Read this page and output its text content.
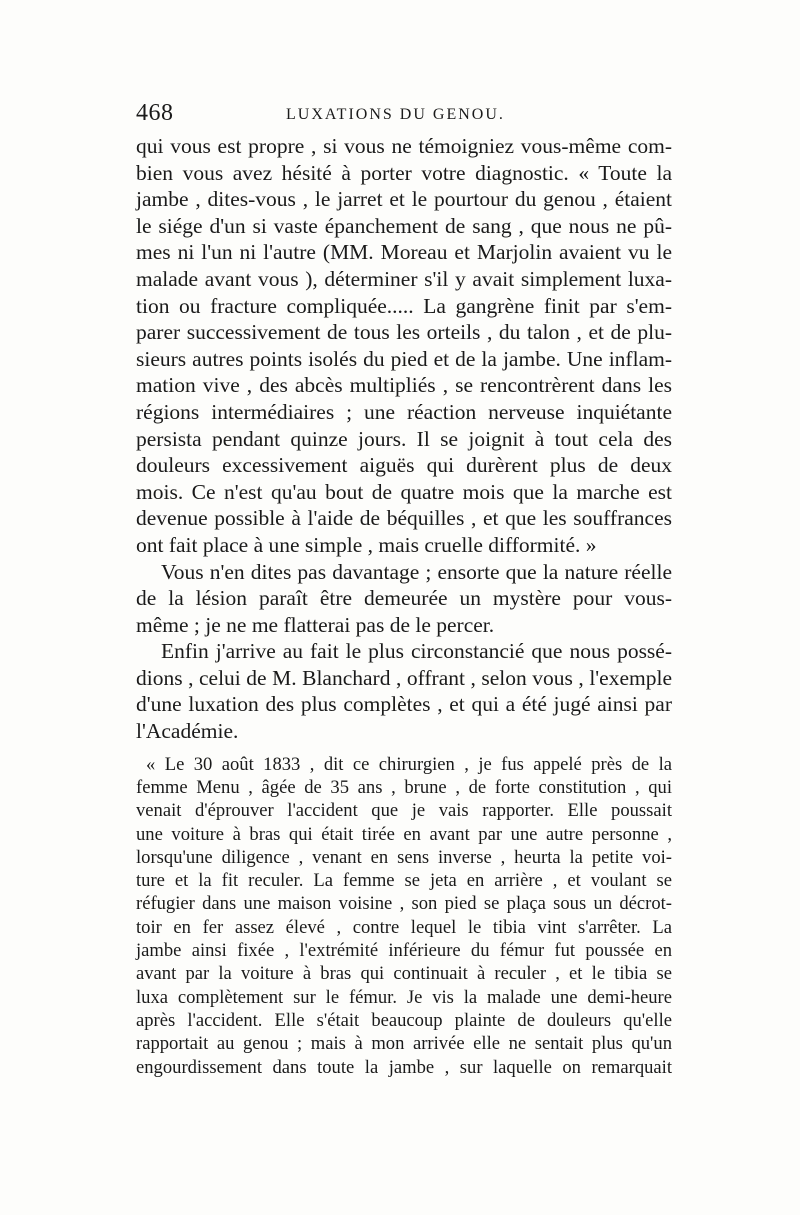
468	LUXATIONS DU GENOU.
qui vous est propre , si vous ne témoigniez vous-même com-
bien vous avez hésité à porter votre diagnostic. « Toute la
jambe , dites-vous , le jarret et le pourtour du genou , étaient
le siége d'un si vaste épanchement de sang , que nous ne pû-
mes ni l'un ni l'autre (MM. Moreau et Marjolin avaient vu le
malade avant vous ), déterminer s'il y avait simplement luxa-
tion ou fracture compliquée..... La gangrène finit par s'em-
parer successivement de tous les orteils , du talon , et de plu-
sieurs autres points isolés du pied et de la jambe. Une inflam-
mation vive , des abcès multipliés , se rencontrèrent dans les
régions intermédiaires ; une réaction nerveuse inquiétante
persista pendant quinze jours. Il se joignit à tout cela des
douleurs excessivement aiguës qui durèrent plus de deux
mois. Ce n'est qu'au bout de quatre mois que la marche est
devenue possible à l'aide de béquilles , et que les souffrances
ont fait place à une simple , mais cruelle difformité. »
Vous n'en dites pas davantage ; ensorte que la nature réelle
de la lésion paraît être demeurée un mystère pour vous-
même ; je ne me flatterai pas de le percer.
Enfin j'arrive au fait le plus circonstancié que nous possé-
dions , celui de M. Blanchard , offrant , selon vous , l'exemple
d'une luxation des plus complètes , et qui a été jugé ainsi par
l'Académie.
« Le 30 août 1833 , dit ce chirurgien , je fus appelé près de la
femme Menu , âgée de 35 ans , brune , de forte constitution , qui
venait d'éprouver l'accident que je vais rapporter. Elle poussait
une voiture à bras qui était tirée en avant par une autre personne ,
lorsqu'une diligence , venant en sens inverse , heurta la petite voi-
ture et la fit reculer. La femme se jeta en arrière , et voulant se
réfugier dans une maison voisine , son pied se plaça sous un décrot-
toir en fer assez élevé , contre lequel le tibia vint s'arrêter. La
jambe ainsi fixée , l'extrémité inférieure du fémur fut poussée en
avant par la voiture à bras qui continuait à reculer , et le tibia se
luxa complètement sur le fémur. Je vis la malade une demi-heure
après l'accident. Elle s'était beaucoup plainte de douleurs qu'elle
rapportait au genou ; mais à mon arrivée elle ne sentait plus qu'un
engourdissement dans toute la jambe , sur laquelle on remarquait
